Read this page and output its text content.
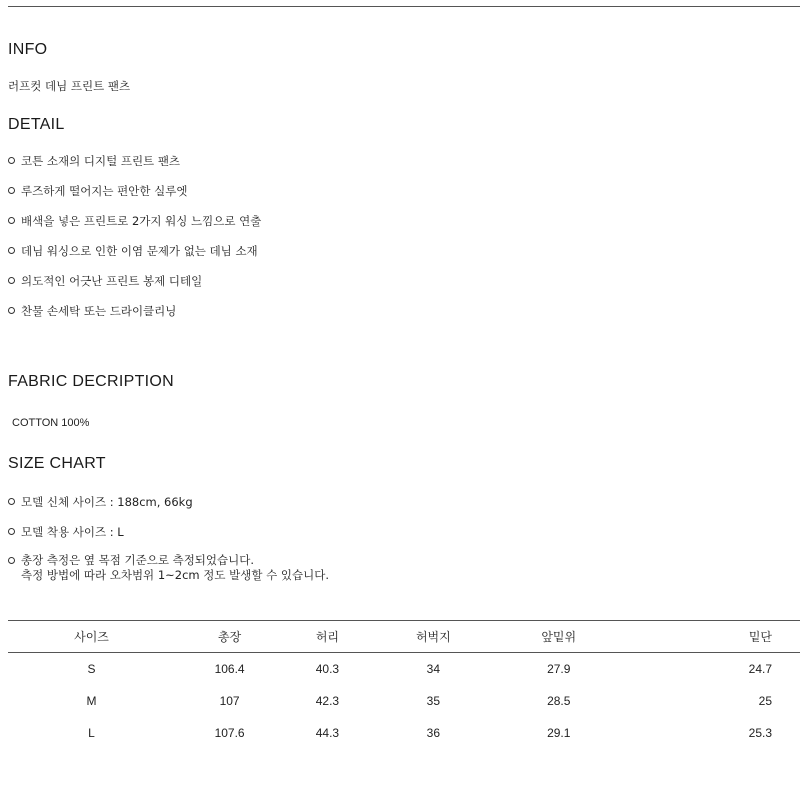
INFO
러프컷 데님 프린트 팬츠
DETAIL
코튼 소재의 디지털 프린트 팬츠
루즈하게 떨어지는 편안한 실루엣
배색을 넣은 프린트로 2가지 워싱 느낌으로 연출
데님 워싱으로 인한 이염 문제가 없는 데님 소재
의도적인 어긋난 프린트 봉제 디테일
찬물 손세탁 또는 드라이클리닝
FABRIC DECRIPTION
COTTON 100%
SIZE CHART
모델 신체 사이즈 : 188cm, 66kg
모델 착용 사이즈 : L
총장 측정은 옆 목점 기준으로 측정되었습니다.
측정 방법에 따라 오차범위 1~2cm 정도 발생할 수 있습니다.
사이즈	총장	허리	허벅지	앞밑위	밑단
S	106.4	40.3	34	27.9	24.7
M	107	42.3	35	28.5	25
L	107.6	44.3	36	29.1	25.3
